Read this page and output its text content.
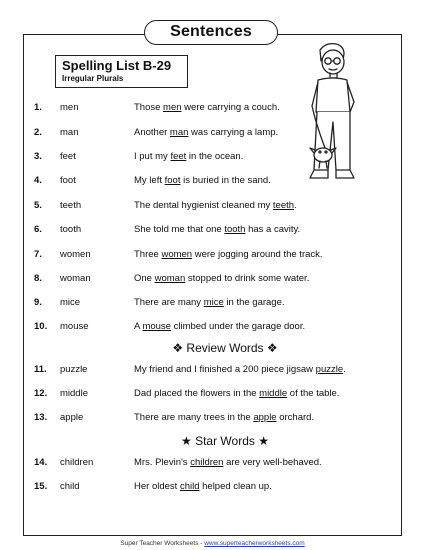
Sentences
Spelling List B-29
Irregular Plurals
1. men	Those men were carrying a couch.
2. man	Another man was carrying a lamp.
3. feet	I put my feet in the ocean.
4. foot	My left foot is buried in the sand.
5. teeth	The dental hygienist cleaned my teeth.
6. tooth	She told me that one tooth has a cavity.
7. women	Three women were jogging around the track.
8. woman	One woman stopped to drink some water.
9. mice	There are many mice in the garage.
10. mouse	A mouse climbed under the garage door.
11. puzzle	My friend and I finished a 200 piece jigsaw puzzle.
12. middle	Dad placed the flowers in the middle of the table.
13. apple	There are many trees in the apple orchard.
14. children	Mrs. Plevin's children are very well-behaved.
15. child	Her oldest child helped clean up.
❖ Review Words ❖
★ Star Words ★
Super Teacher Worksheets - www.superteacherworksheets.com
